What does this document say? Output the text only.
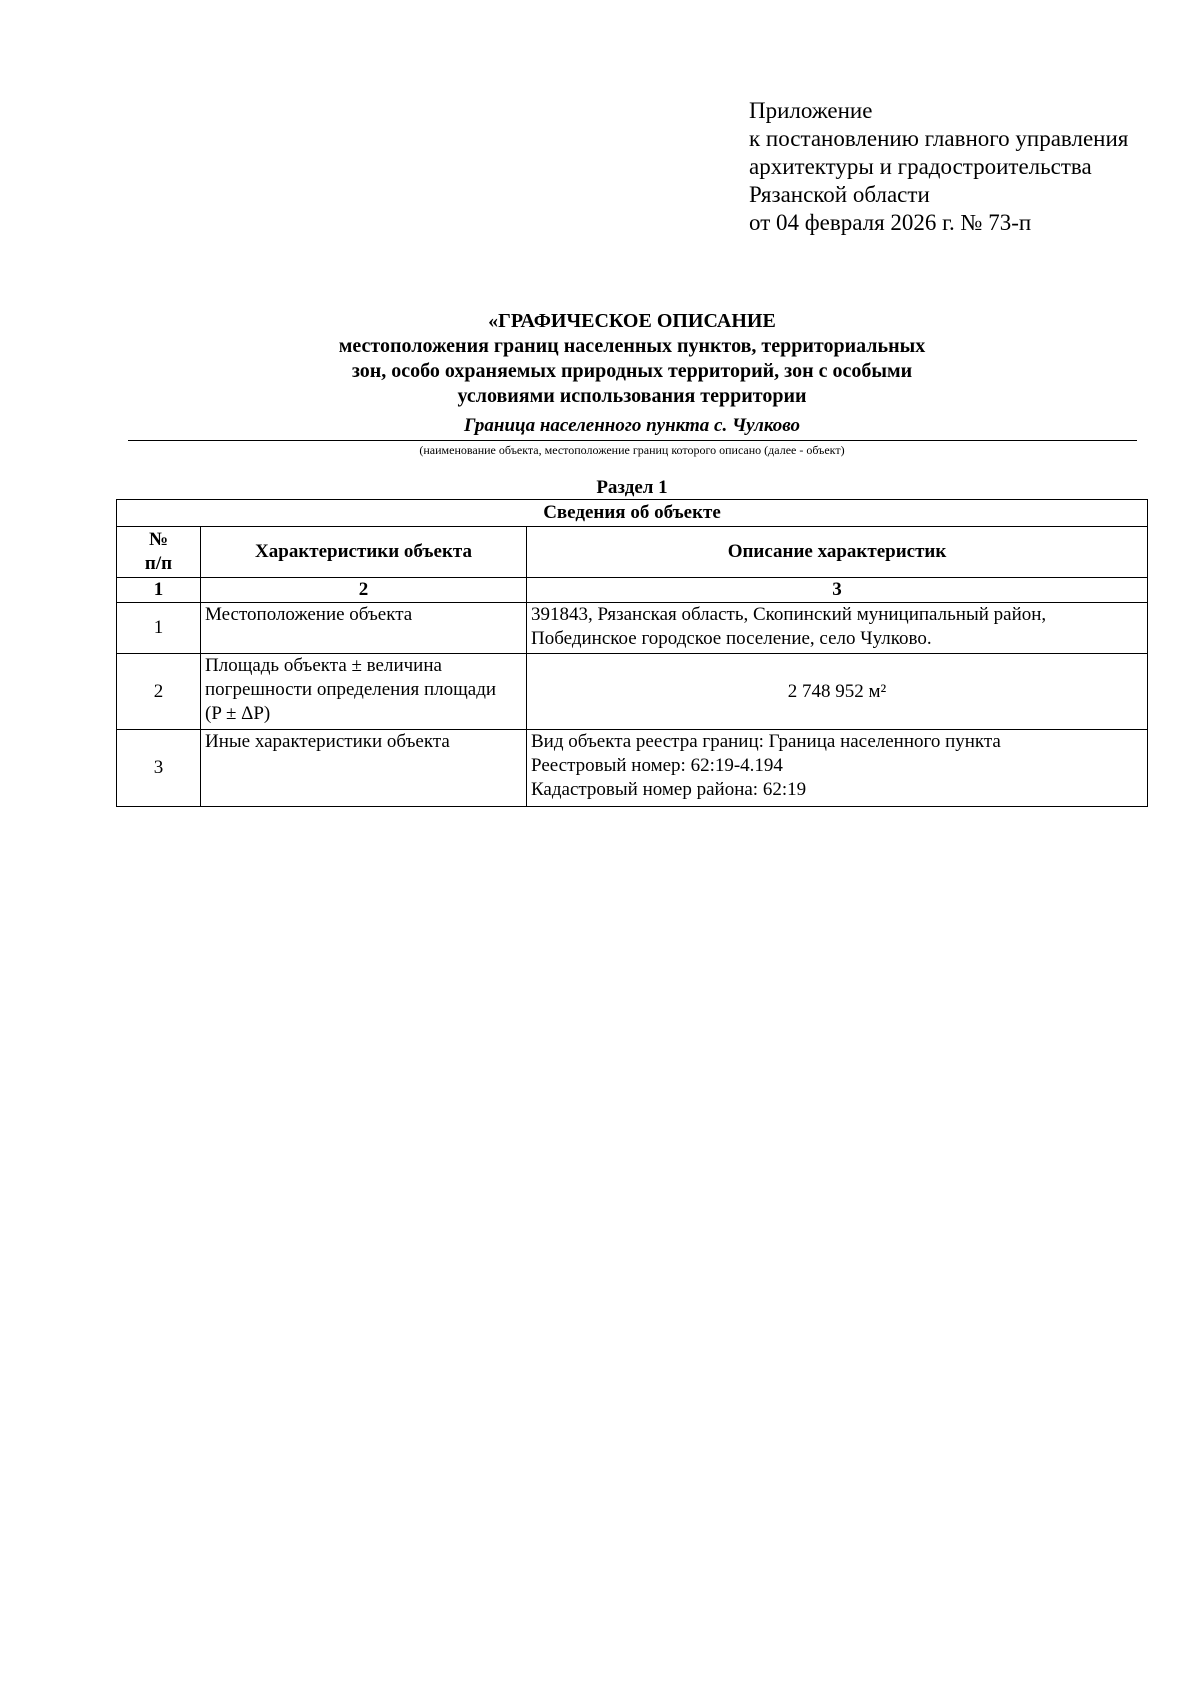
Приложение
к постановлению главного управления
архитектуры и градостроительства
Рязанской области
от 04 февраля 2026 г. № 73-п
«ГРАФИЧЕСКОЕ ОПИСАНИЕ
местоположения границ населенных пунктов, территориальных
зон, особо охраняемых природных территорий, зон с особыми
условиями использования территории
Граница населенного пункта с. Чулково
(наименование объекта, местоположение границ которого описано (далее - объект)
Раздел 1
Сведения об объекте		

№
п/п	Характеристики объекта	Описание характеристик
1	2	3
1	Местоположение объекта	391843, Рязанская область, Скопинский муниципальный район,
Побединское городское поселение, село Чулково.

2	Площадь объекта ± величина
погрешности определения площади
(P ± ΔP)	2 748 952 м²

3	Иные характеристики объекта	Вид объекта реестра границ: Граница населенного пункта
Реестровый номер: 62:19-4.194
Кадастровый номер района: 62:19
